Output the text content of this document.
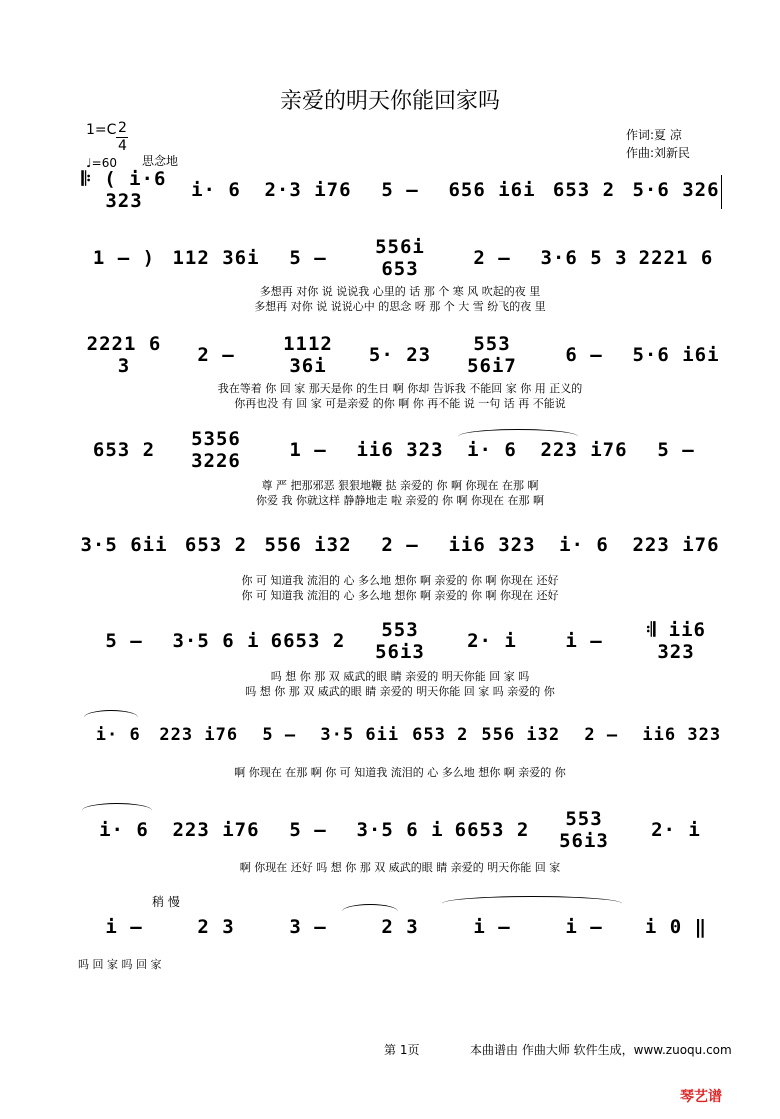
亲爱的明天你能回家吗
1=C 2
4
♩=60 思念地
作词:夏 凉
作曲:刘新民
𝄆 ( i·6 323	i· 6	2·3 i76	5 –	656 i6i 653 2 5·6 326
1 – ) 112 36i	5 –	556i 653	2 –	3·6 5 3 2221 6
多想再 对你 说 说说我 心里的 话 那 个 寒 风 吹起的夜 里
多想再 对你 说 说说心中 的思念 呀 那 个 大 雪 纷飞的夜 里
2221 6 3	2 –	1112 36i	5· 23	553 56i7	6 –	5·6 i6i
我在等着 你 回 家 那天是你 的生日 啊 你却 告诉我 不能回 家 你 用 正义的
你再也没 有 回 家 可是亲爱 的你 啊 你 再不能 说 一句 话 再 不能说
653 2	5356 3226	1 –	ii6 323	i· 6	223 i76	5 –
尊 严 把那邪恶 狠狠地鞭 挞 亲爱的 你 啊 你现在 在那 啊
你爱 我 你就这样 静静地走 啦 亲爱的 你 啊 你现在 在那 啊
3·5 6ii 653 2 556 i32	2 –	ii6 323	i· 6	223 i76
你 可 知道我 流泪的 心 多么地 想你 啊 亲爱的 你 啊 你现在 还好
你 可 知道我 流泪的 心 多么地 想你 啊 亲爱的 你 啊 你现在 还好
5 –	3·5 6 i 6653 2	553 56i3	2· i	i –	𝄇 ii6 323
吗 想 你 那 双 威武的眼 睛 亲爱的 明天你能 回 家 吗
吗 想 你 那 双 威武的眼 睛 亲爱的 明天你能 回 家 吗 亲爱的 你
i· 6	223 i76	5 –	3·5 6ii 653 2 556 i32	2 –	ii6 323
啊 你现在 在那 啊 你 可 知道我 流泪的 心 多么地 想你 啊 亲爱的 你
i· 6	223 i76	5 –	3·5 6 i 6653 2	553 56i3	2· i
啊 你现在 还好 吗 想 你 那 双 威武的眼 睛 亲爱的 明天你能 回 家
稍 慢
i –	2 3	3 –	2 3	i –	i –	i 0 ‖
吗 回 家 吗 回 家
第 1页	本曲谱由 作曲大师 软件生成，www.zuoqu.com
琴艺谱
